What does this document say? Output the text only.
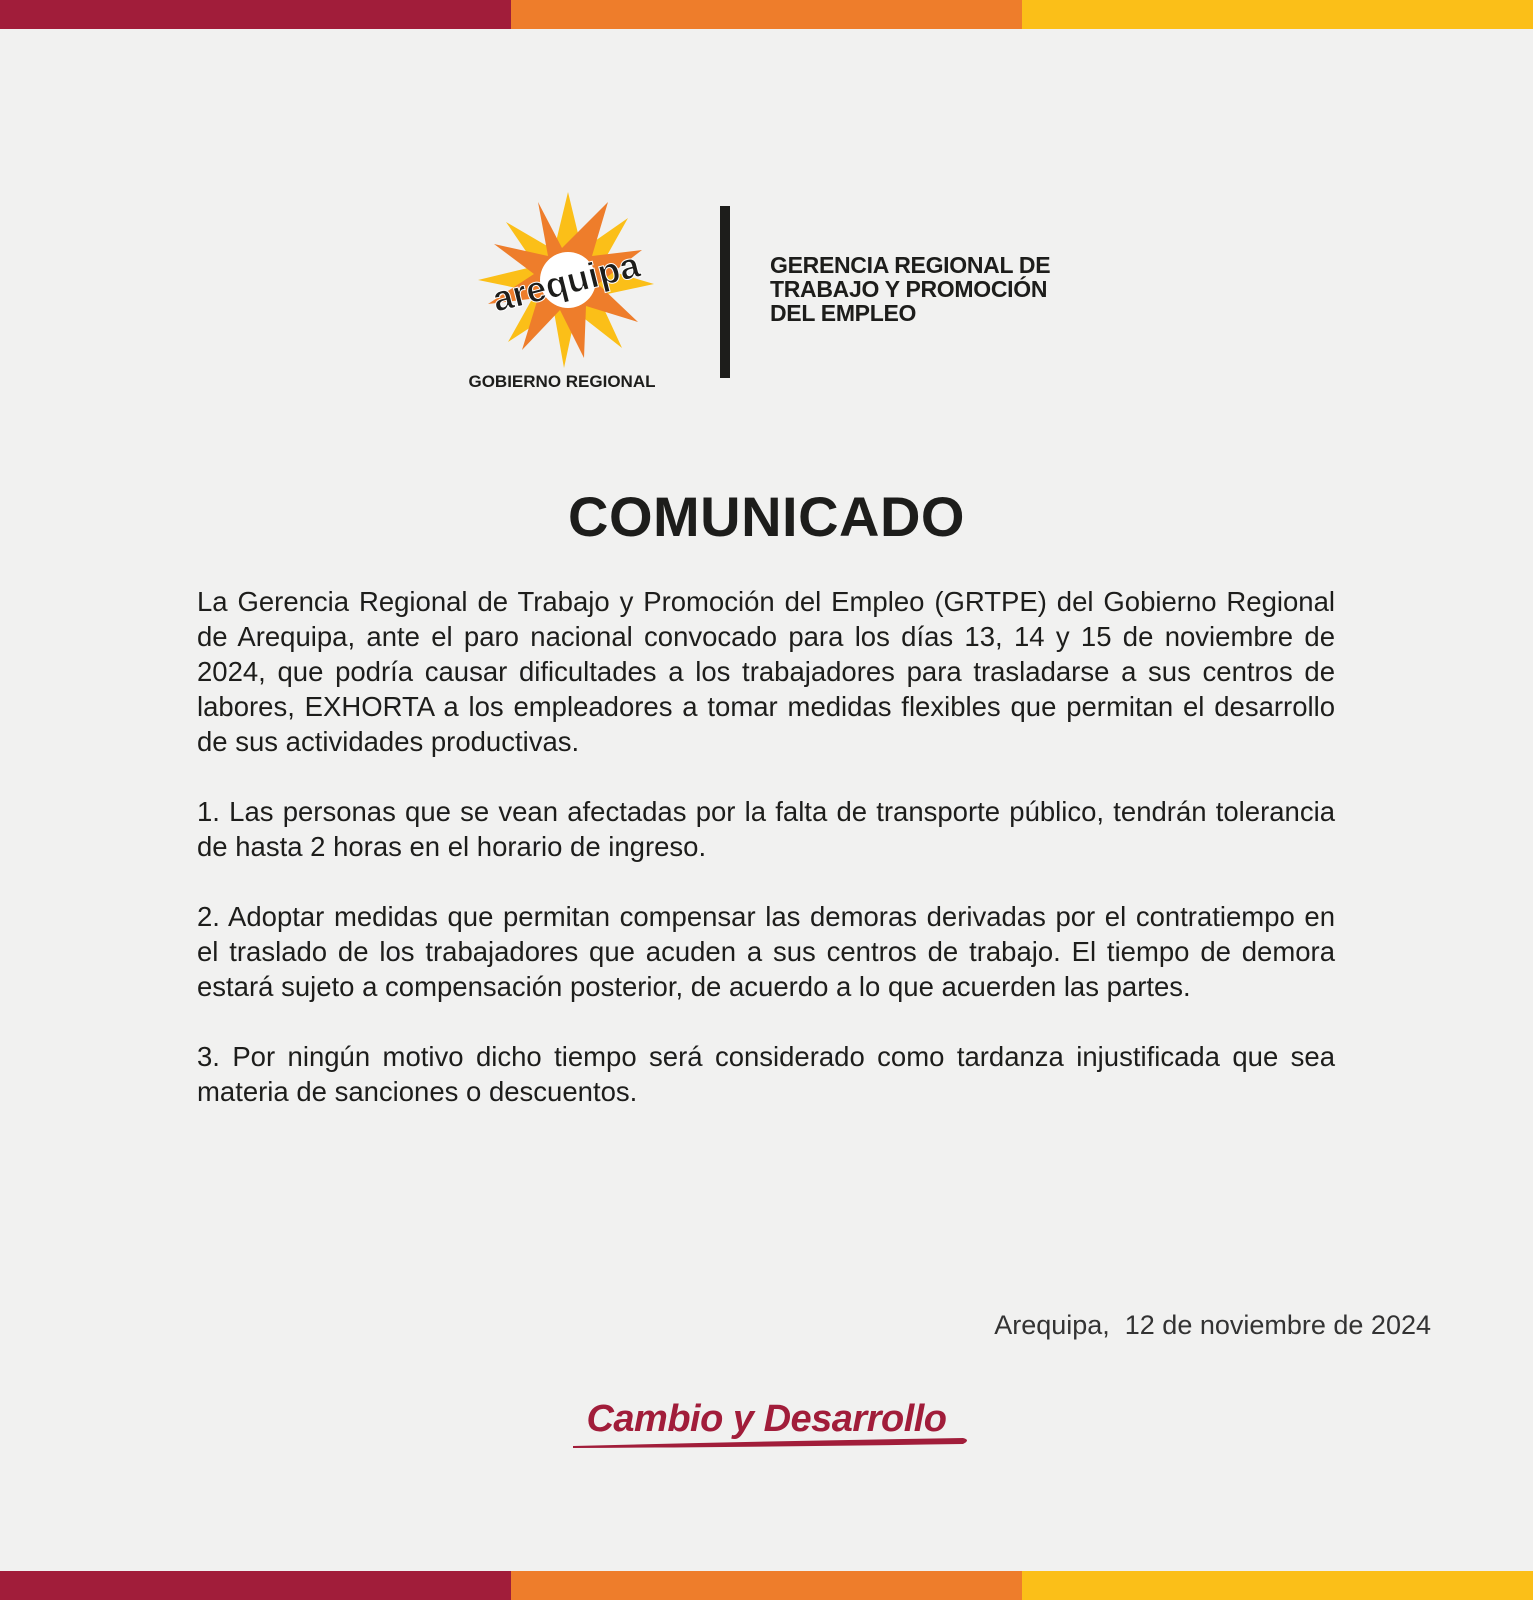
arequipa
GOBIERNO REGIONAL
GERENCIA REGIONAL DE
TRABAJO Y PROMOCIÓN
DEL EMPLEO
COMUNICADO

La Gerencia Regional de Trabajo y Promoción del Empleo (GRTPE) del Gobierno Regional de Arequipa, ante el paro nacional convocado para los días 13, 14 y 15 de noviembre de 2024, que podría causar dificultades a los trabajadores para trasladarse a sus centros de labores, EXHORTA a los empleadores a tomar medidas flexibles que permitan el desarrollo de sus actividades productivas.

1. Las personas que se vean afectadas por la falta de transporte público, tendrán tolerancia de hasta 2 horas en el horario de ingreso.

2. Adoptar medidas que permitan compensar las demoras derivadas por el contratiempo en el traslado de los trabajadores que acuden a sus centros de trabajo. El tiempo de demora estará sujeto a compensación posterior, de acuerdo a lo que acuerden las partes.

3. Por ningún motivo dicho tiempo será considerado como tardanza injustificada que sea materia de sanciones o descuentos.

Arequipa,  12 de noviembre de 2024
Cambio y Desarrollo
